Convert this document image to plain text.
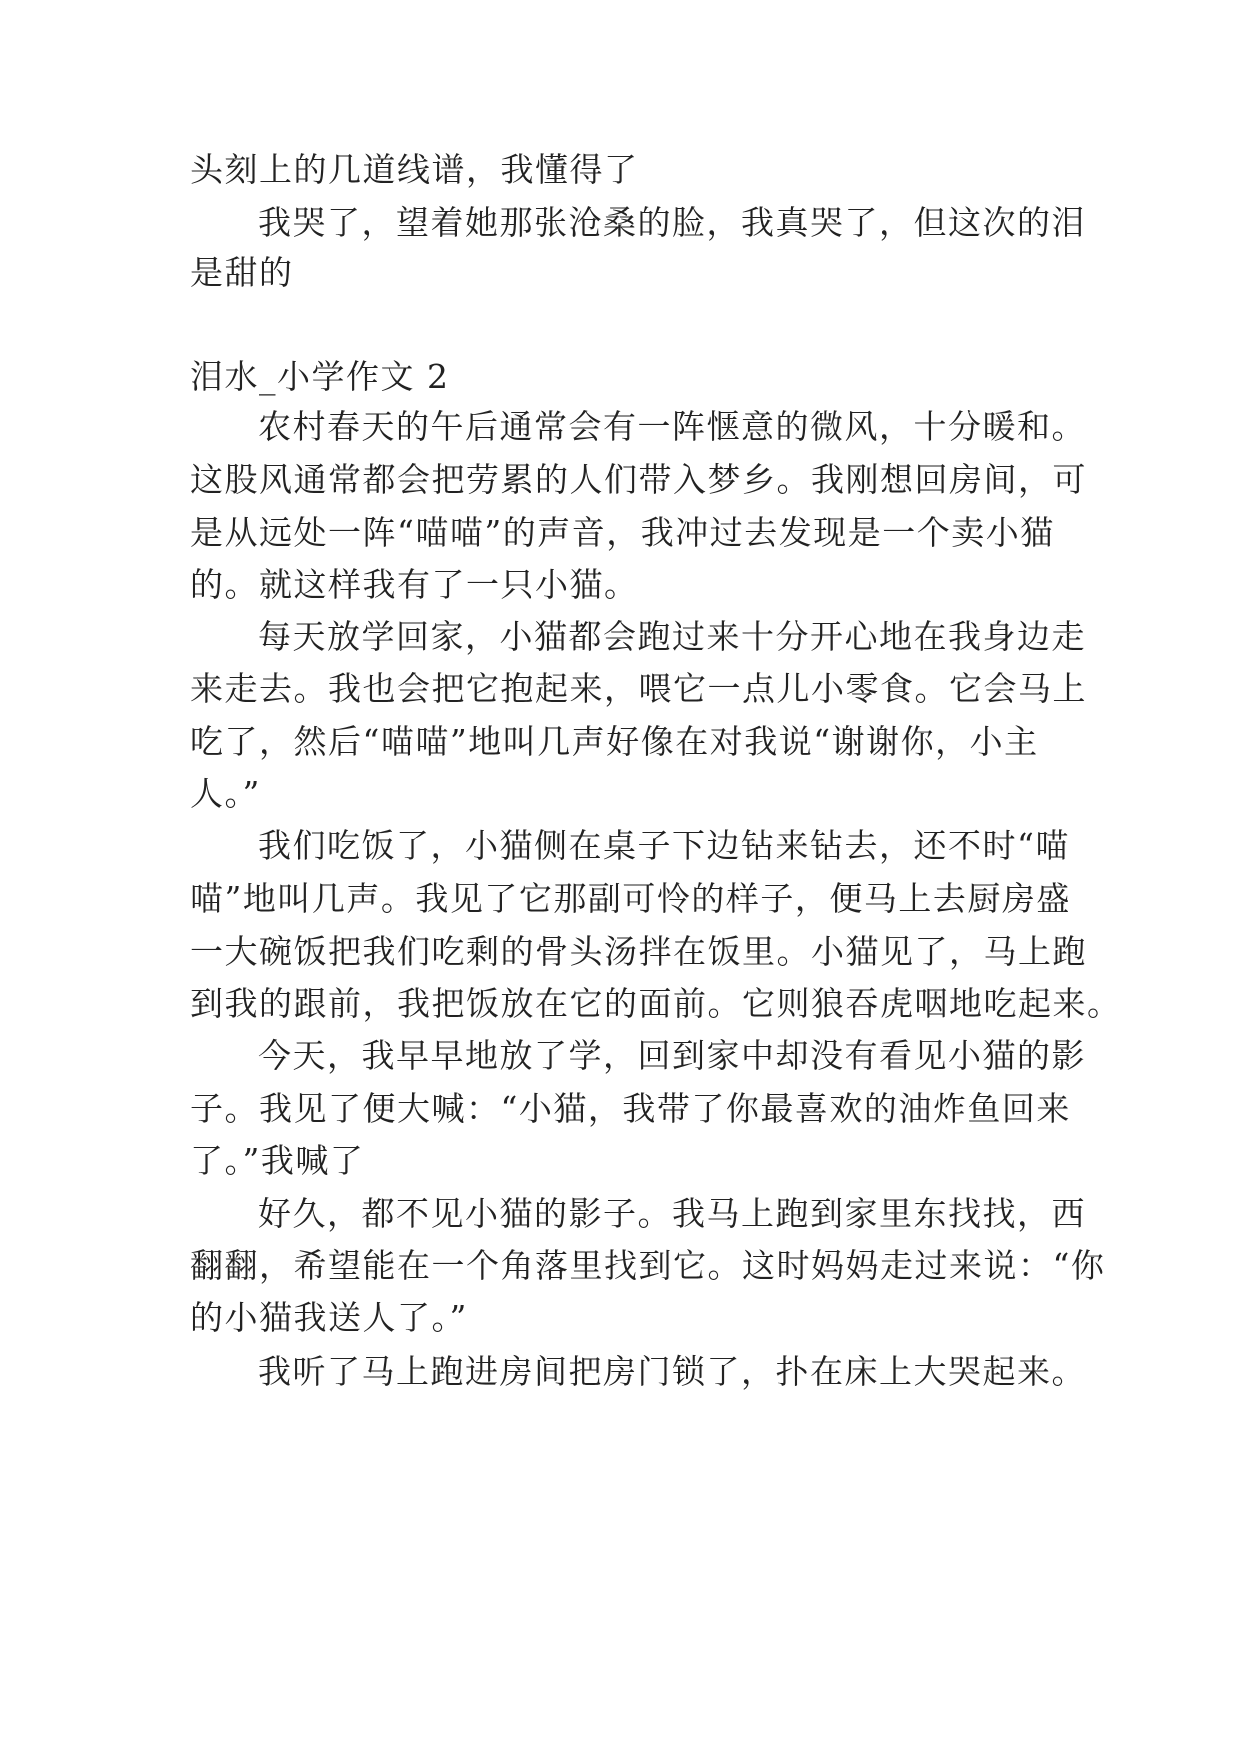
头刻上的几道线谱，我懂得了

我哭了，望着她那张沧桑的脸，我真哭了，但这次的泪

是甜的

泪水_小学作文 2

农村春天的午后通常会有一阵惬意的微风，十分暖和。

这股风通常都会把劳累的人们带入梦乡。我刚想回房间，可

是从远处一阵“喵喵”的声音，我冲过去发现是一个卖小猫

的。就这样我有了一只小猫。

每天放学回家，小猫都会跑过来十分开心地在我身边走

来走去。我也会把它抱起来，喂它一点儿小零食。它会马上

吃了，然后“喵喵”地叫几声好像在对我说“谢谢你，小主

人。”

我们吃饭了，小猫侧在桌子下边钻来钻去，还不时“喵

喵”地叫几声。我见了它那副可怜的样子，便马上去厨房盛

一大碗饭把我们吃剩的骨头汤拌在饭里。小猫见了，马上跑

到我的跟前，我把饭放在它的面前。它则狼吞虎咽地吃起来。

今天，我早早地放了学，回到家中却没有看见小猫的影

子。我见了便大喊：“小猫，我带了你最喜欢的油炸鱼回来

了。”我喊了

好久，都不见小猫的影子。我马上跑到家里东找找，西

翻翻，希望能在一个角落里找到它。这时妈妈走过来说：“你

的小猫我送人了。”

我听了马上跑进房间把房门锁了，扑在床上大哭起来。
